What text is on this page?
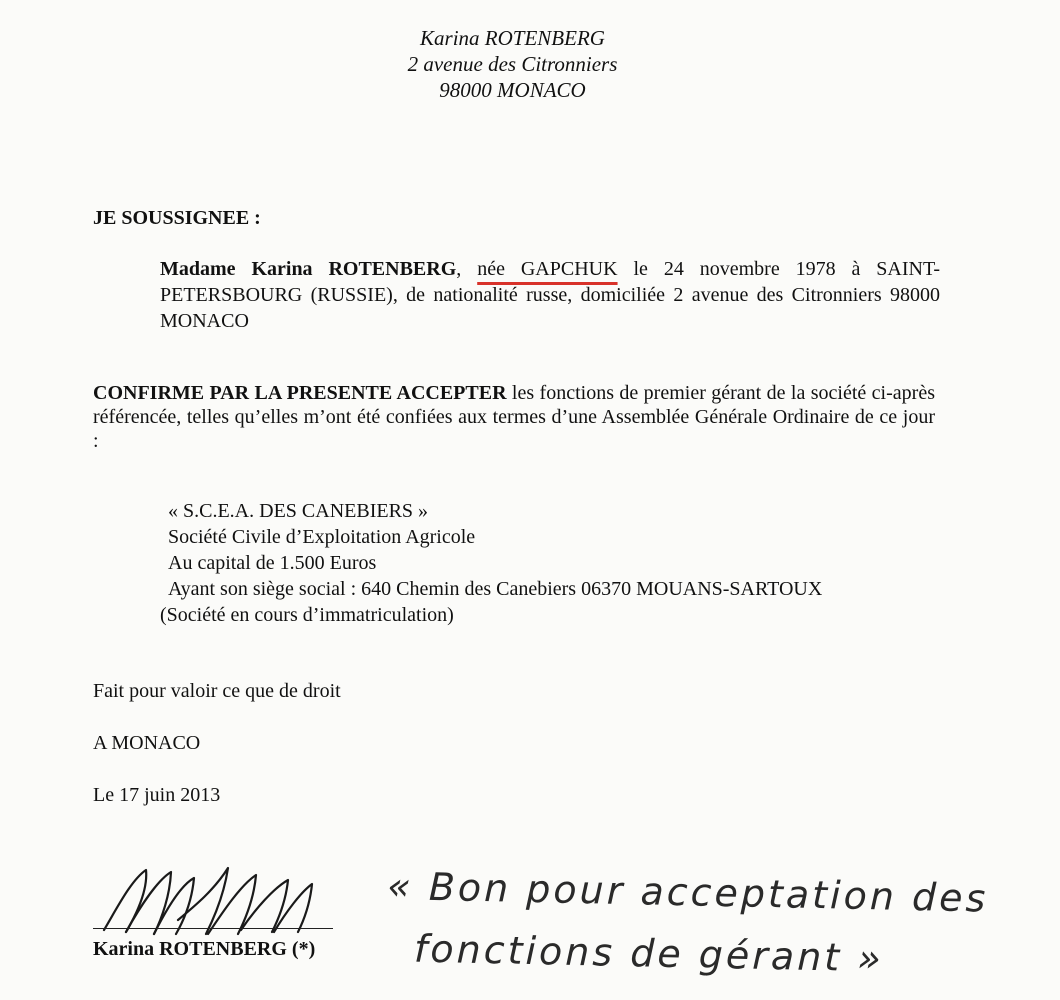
Karina ROTENBERG
2 avenue des Citronniers
98000 MONACO
JE SOUSSIGNEE :
Madame Karina ROTENBERG, née GAPCHUK le 24 novembre 1978 à SAINT-PETERSBOURG (RUSSIE), de nationalité russe, domiciliée 2 avenue des Citronniers 98000 MONACO
CONFIRME PAR LA PRESENTE ACCEPTER les fonctions de premier gérant de la société ci-après référencée, telles qu’elles m’ont été confiées aux termes d’une Assemblée Générale Ordinaire de ce jour :
« S.C.E.A. DES CANEBIERS »
Société Civile d’Exploitation Agricole
Au capital de 1.500 Euros
Ayant son siège social : 640 Chemin des Canebiers 06370 MOUANS-SARTOUX
(Société en cours d’immatriculation)
Fait pour valoir ce que de droit
A MONACO
Le 17 juin 2013
Karina ROTENBERG (*)
« Bon pour acceptation des
fonctions de gérant »
